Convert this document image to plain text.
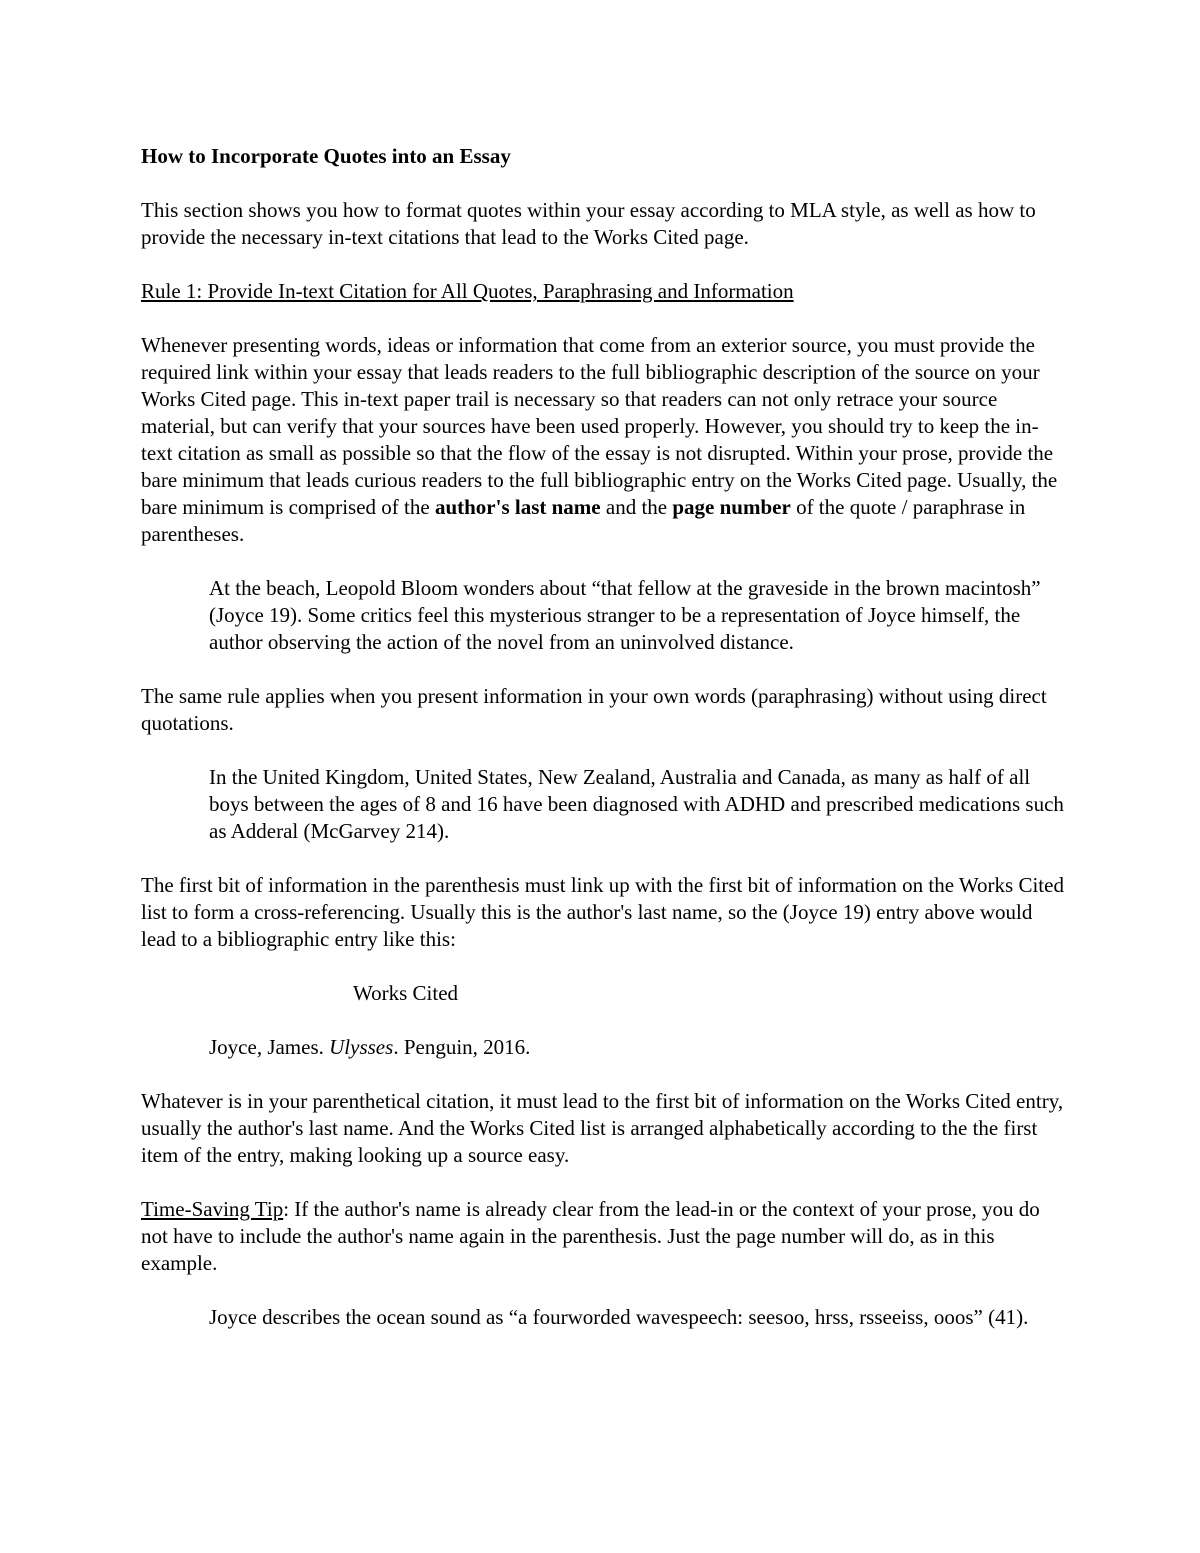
How to Incorporate Quotes into an Essay

This section shows you how to format quotes within your essay according to MLA style, as well as how to provide the necessary in-text citations that lead to the Works Cited page.

Rule 1: Provide In-text Citation for All Quotes, Paraphrasing and Information

Whenever presenting words, ideas or information that come from an exterior source, you must provide the required link within your essay that leads readers to the full bibliographic description of the source on your Works Cited page. This in-text paper trail is necessary so that readers can not only retrace your source material, but can verify that your sources have been used properly. However, you should try to keep the in-text citation as small as possible so that the flow of the essay is not disrupted. Within your prose, provide the bare minimum that leads curious readers to the full bibliographic entry on the Works Cited page. Usually, the bare minimum is comprised of the author's last name and the page number of the quote / paraphrase in parentheses.

At the beach, Leopold Bloom wonders about “that fellow at the graveside in the brown macintosh” (Joyce 19). Some critics feel this mysterious stranger to be a representation of Joyce himself, the author observing the action of the novel from an uninvolved distance.

The same rule applies when you present information in your own words (paraphrasing) without using direct quotations.

In the United Kingdom, United States, New Zealand, Australia and Canada, as many as half of all boys between the ages of 8 and 16 have been diagnosed with ADHD and prescribed medications such as Adderal (McGarvey 214).

The first bit of information in the parenthesis must link up with the first bit of information on the Works Cited list to form a cross-referencing. Usually this is the author's last name, so the (Joyce 19) entry above would lead to a bibliographic entry like this:

Works Cited

Joyce, James. Ulysses. Penguin, 2016.

Whatever is in your parenthetical citation, it must lead to the first bit of information on the Works Cited entry, usually the author's last name. And the Works Cited list is arranged alphabetically according to the the first item of the entry, making looking up a source easy.

Time-Saving Tip: If the author's name is already clear from the lead-in or the context of your prose, you do not have to include the author's name again in the parenthesis. Just the page number will do, as in this example.

Joyce describes the ocean sound as “a fourworded wavespeech: seesoo, hrss, rsseeiss, ooos” (41).
